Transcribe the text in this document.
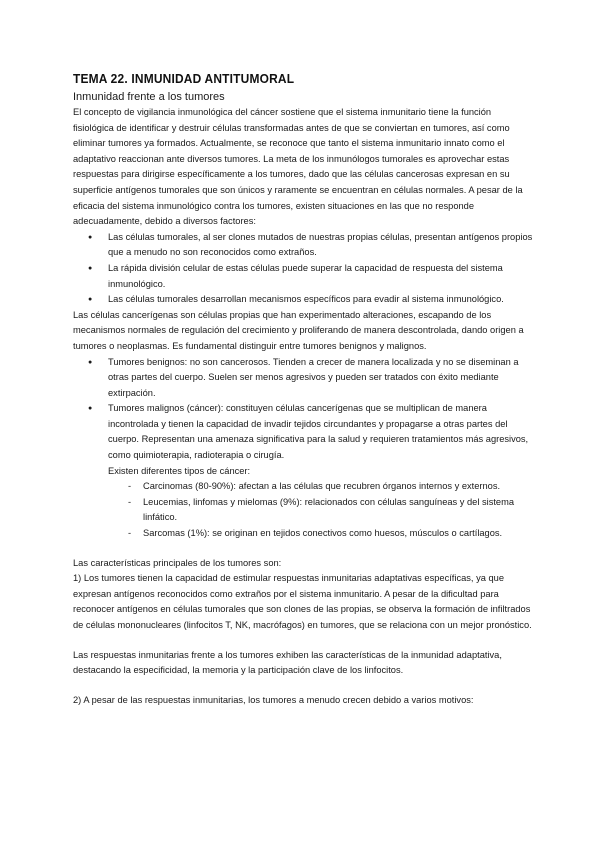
TEMA 22. INMUNIDAD ANTITUMORAL

Inmunidad frente a los tumores

El concepto de vigilancia inmunológica del cáncer sostiene que el sistema inmunitario tiene la función fisiológica de identificar y destruir células transformadas antes de que se conviertan en tumores, así como eliminar tumores ya formados. Actualmente, se reconoce que tanto el sistema inmunitario innato como el adaptativo reaccionan ante diversos tumores. La meta de los inmunólogos tumorales es aprovechar estas respuestas para dirigirse específicamente a los tumores, dado que las células cancerosas expresan en su superficie antígenos tumorales que son únicos y raramente se encuentran en células normales. A pesar de la eficacia del sistema inmunológico contra los tumores, existen situaciones en las que no responde adecuadamente, debido a diversos factores:

● Las células tumorales, al ser clones mutados de nuestras propias células, presentan antígenos propios que a menudo no son reconocidos como extraños.
● La rápida división celular de estas células puede superar la capacidad de respuesta del sistema inmunológico.
● Las células tumorales desarrollan mecanismos específicos para evadir al sistema inmunológico.

Las células cancerígenas son células propias que han experimentado alteraciones, escapando de los mecanismos normales de regulación del crecimiento y proliferando de manera descontrolada, dando origen a tumores o neoplasmas. Es fundamental distinguir entre tumores benignos y malignos.

● Tumores benignos: no son cancerosos. Tienden a crecer de manera localizada y no se diseminan a otras partes del cuerpo. Suelen ser menos agresivos y pueden ser tratados con éxito mediante extirpación.
● Tumores malignos (cáncer): constituyen células cancerígenas que se multiplican de manera incontrolada y tienen la capacidad de invadir tejidos circundantes y propagarse a otras partes del cuerpo. Representan una amenaza significativa para la salud y requieren tratamientos más agresivos, como quimioterapia, radioterapia o cirugía.
Existen diferentes tipos de cáncer:
- Carcinomas (80-90%): afectan a las células que recubren órganos internos y externos.
- Leucemias, linfomas y mielomas (9%): relacionados con células sanguíneas y del sistema linfático.
- Sarcomas (1%): se originan en tejidos conectivos como huesos, músculos o cartílagos.

Las características principales de los tumores son:

1) Los tumores tienen la capacidad de estimular respuestas inmunitarias adaptativas específicas, ya que expresan antígenos reconocidos como extraños por el sistema inmunitario. A pesar de la dificultad para reconocer antígenos en células tumorales que son clones de las propias, se observa la formación de infiltrados de células mononucleares (linfocitos T, NK, macrófagos) en tumores, que se relaciona con un mejor pronóstico.

Las respuestas inmunitarias frente a los tumores exhiben las características de la inmunidad adaptativa, destacando la especificidad, la memoria y la participación clave de los linfocitos.

2) A pesar de las respuestas inmunitarias, los tumores a menudo crecen debido a varios motivos:
